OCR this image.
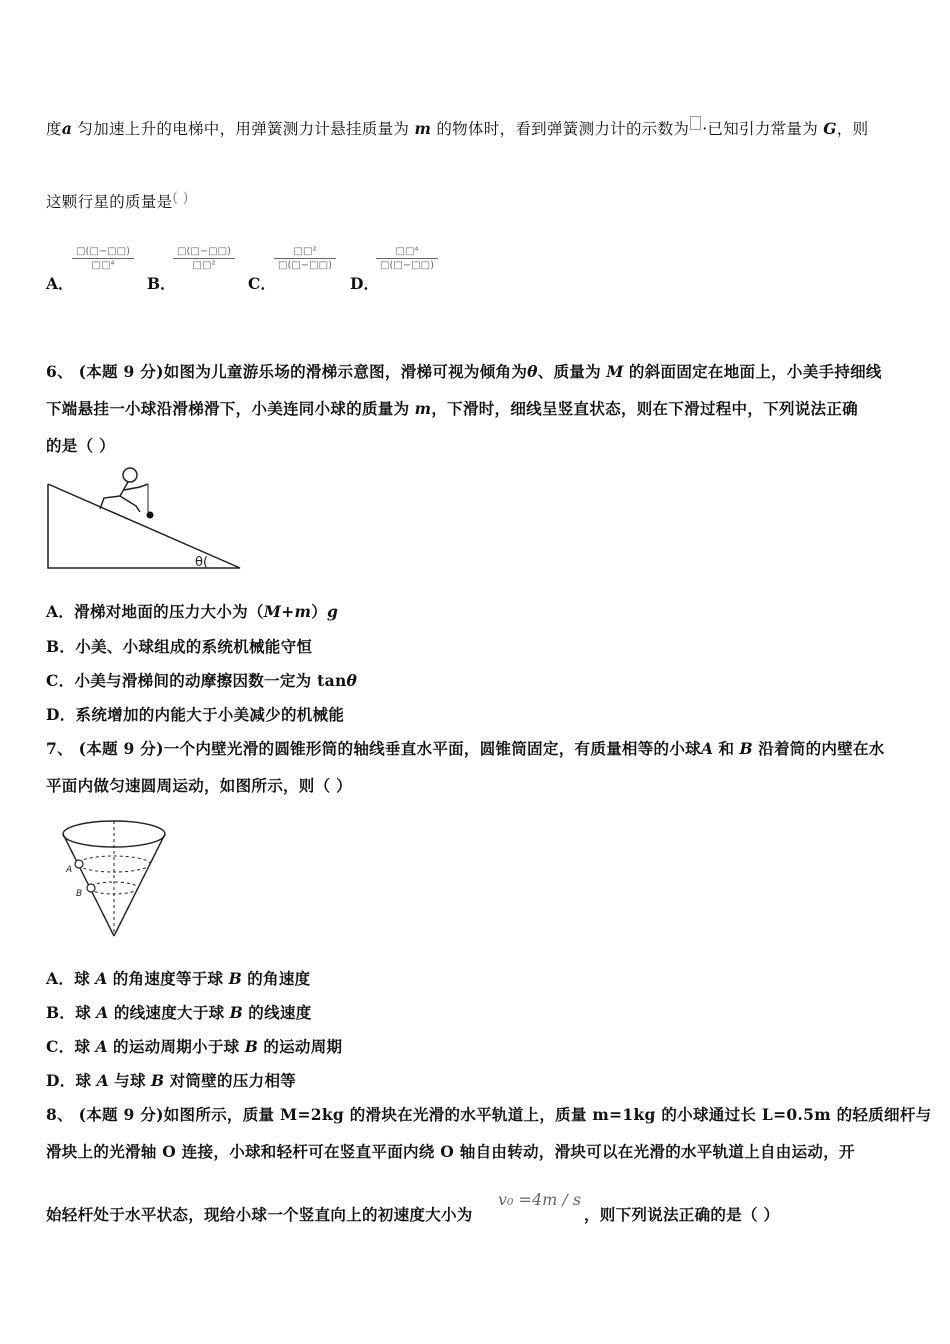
度a 匀加速上升的电梯中，用弹簧测力计悬挂质量为 m 的物体时，看到弹簧测力计的示数为 ·已知引力常量为 G，则
这颗行星的质量是( )
A．
□(□−□□)
□□⁴
B．
□(□−□□)
□□²
C．
□□²
□(□−□□)
D．
□□⁴
□(□−□□)
6、 (本题 9 分)如图为儿童游乐场的滑梯示意图，滑梯可视为倾角为θ、质量为 M 的斜面固定在地面上，小美手持细线
下端悬挂一小球沿滑梯滑下，小美连同小球的质量为 m，下滑时，细线呈竖直状态，则在下滑过程中，下列说法正确
的是（ ）
θ(
A．滑梯对地面的压力大小为（M+m）g
B．小美、小球组成的系统机械能守恒
C．小美与滑梯间的动摩擦因数一定为 tanθ
D．系统增加的内能大于小美减少的机械能
7、 (本题 9 分)一个内壁光滑的圆锥形筒的轴线垂直水平面，圆锥筒固定，有质量相等的小球A 和 B 沿着筒的内壁在水
平面内做匀速圆周运动，如图所示，则（ ）
A
B
A．球 A 的角速度等于球 B 的角速度
B．球 A 的线速度大于球 B 的线速度
C．球 A 的运动周期小于球 B 的运动周期
D．球 A 与球 B 对筒壁的压力相等
8、 (本题 9 分)如图所示，质量 M=2kg 的滑块在光滑的水平轨道上，质量 m=1kg 的小球通过长 L=0.5m 的轻质细杆与
滑块上的光滑轴 O 连接，小球和轻杆可在竖直平面内绕 O 轴自由转动，滑块可以在光滑的水平轨道上自由运动，开
始轻杆处于水平状态，现给小球一个竖直向上的初速度大小为
v₀ =4m / s
，则下列说法正确的是（ ）
